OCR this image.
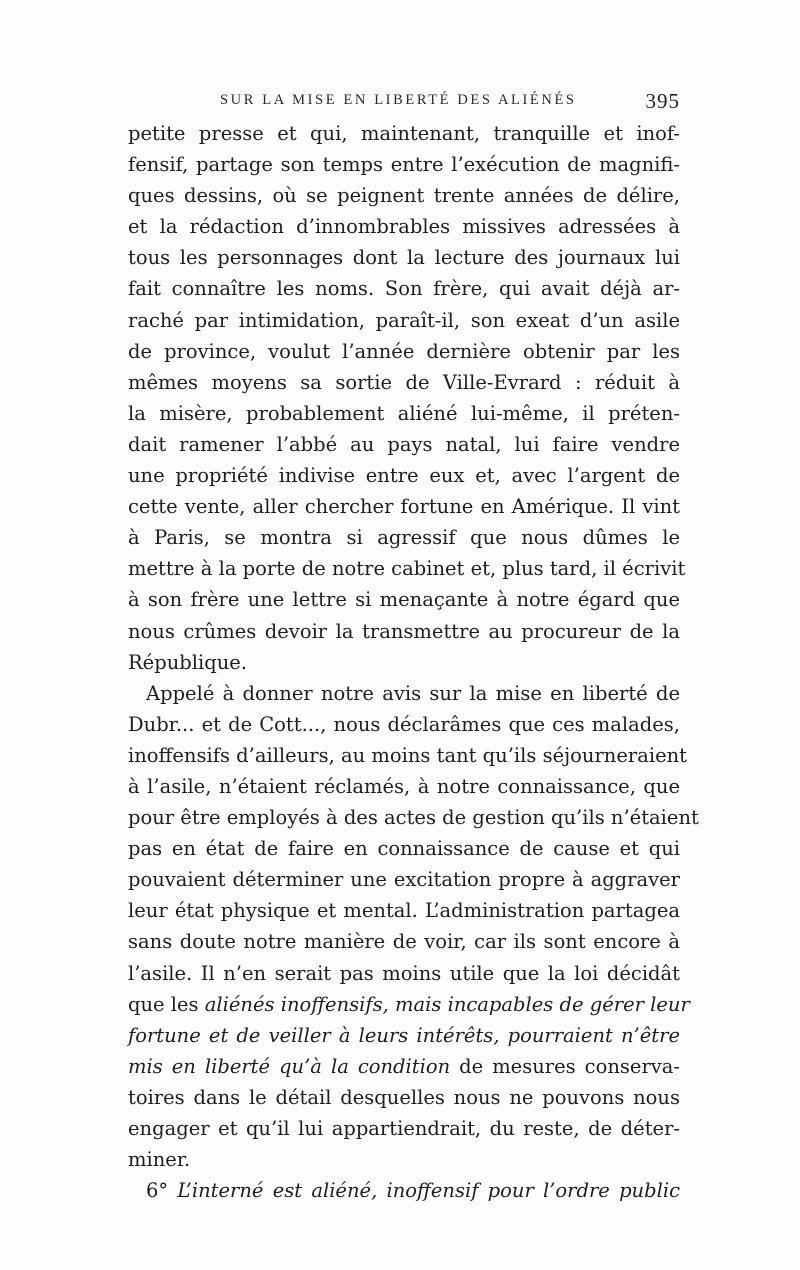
SUR LA MISE EN LIBERTÉ DES ALIÉNÉS	395
petite presse et qui, maintenant, tranquille et inof-
fensif, partage son temps entre l’exécution de magnifi-
ques dessins, où se peignent trente années de délire,
et la rédaction d’innombrables missives adressées à
tous les personnages dont la lecture des journaux lui
fait connaître les noms. Son frère, qui avait déjà ar-
raché par intimidation, paraît-il, son exeat d’un asile
de province, voulut l’année dernière obtenir par les
mêmes moyens sa sortie de Ville-Evrard : réduit à
la misère, probablement aliéné lui-même, il préten-
dait ramener l’abbé au pays natal, lui faire vendre
une propriété indivise entre eux et, avec l’argent de
cette vente, aller chercher fortune en Amérique. Il vint
à Paris, se montra si agressif que nous dûmes le
mettre à la porte de notre cabinet et, plus tard, il écrivit
à son frère une lettre si menaçante à notre égard que
nous crûmes devoir la transmettre au procureur de la
République.
Appelé à donner notre avis sur la mise en liberté de
Dubr... et de Cott..., nous déclarâmes que ces malades,
inoffensifs d’ailleurs, au moins tant qu’ils séjourneraient
à l’asile, n’étaient réclamés, à notre connaissance, que
pour être employés à des actes de gestion qu’ils n’étaient
pas en état de faire en connaissance de cause et qui
pouvaient déterminer une excitation propre à aggraver
leur état physique et mental. L’administration partagea
sans doute notre manière de voir, car ils sont encore à
l’asile. Il n’en serait pas moins utile que la loi décidât
que les aliénés inoffensifs, mais incapables de gérer leur
fortune et de veiller à leurs intérêts, pourraient n’être
mis en liberté qu’à la condition de mesures conserva-
toires dans le détail desquelles nous ne pouvons nous
engager et qu’il lui appartiendrait, du reste, de déter-
miner.
6° L’interné est aliéné, inoffensif pour l’ordre public
